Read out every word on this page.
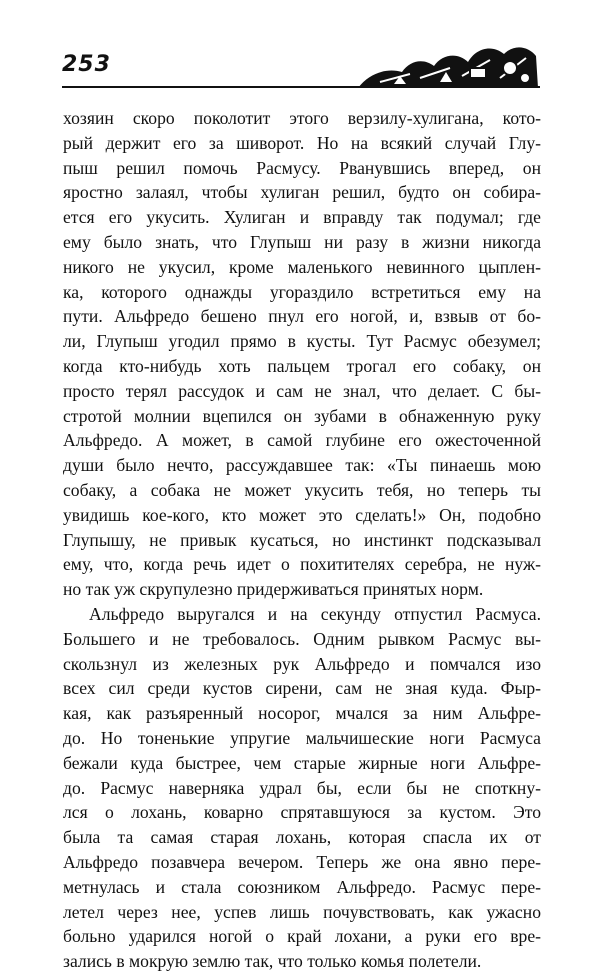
253
хозяин скоро поколотит этого верзилу-хулигана, кото-
рый держит его за шиворот. Но на всякий случай Глу-
пыш решил помочь Расмусу. Рванувшись вперед, он
яростно залаял, чтобы хулиган решил, будто он собира-
ется его укусить. Хулиган и вправду так подумал; где
ему было знать, что Глупыш ни разу в жизни никогда
никого не укусил, кроме маленького невинного цыплен-
ка, которого однажды угораздило встретиться ему на
пути. Альфредо бешено пнул его ногой, и, взвыв от бо-
ли, Глупыш угодил прямо в кусты. Тут Расмус обезумел;
когда кто-нибудь хоть пальцем трогал его собаку, он
просто терял рассудок и сам не знал, что делает. С бы-
стротой молнии вцепился он зубами в обнаженную руку
Альфредо. А может, в самой глубине его ожесточенной
души было нечто, рассуждавшее так: «Ты пинаешь мою
собаку, а собака не может укусить тебя, но теперь ты
увидишь кое-кого, кто может это сделать!» Он, подобно
Глупышу, не привык кусаться, но инстинкт подсказывал
ему, что, когда речь идет о похитителях серебра, не нуж-
но так уж скрупулезно придерживаться принятых норм.
Альфредо выругался и на секунду отпустил Расмуса.
Большего и не требовалось. Одним рывком Расмус вы-
скользнул из железных рук Альфредо и помчался изо
всех сил среди кустов сирени, сам не зная куда. Фыр-
кая, как разъяренный носорог, мчался за ним Альфре-
до. Но тоненькие упругие мальчишеские ноги Расмуса
бежали куда быстрее, чем старые жирные ноги Альфре-
до. Расмус наверняка удрал бы, если бы не споткну-
лся о лохань, коварно спрятавшуюся за кустом. Это
была та самая старая лохань, которая спасла их от
Альфредо позавчера вечером. Теперь же она явно пере-
метнулась и стала союзником Альфредо. Расмус пере-
летел через нее, успев лишь почувствовать, как ужасно
больно ударился ногой о край лохани, а руки его вре-
зались в мокрую землю так, что только комья полетели.
